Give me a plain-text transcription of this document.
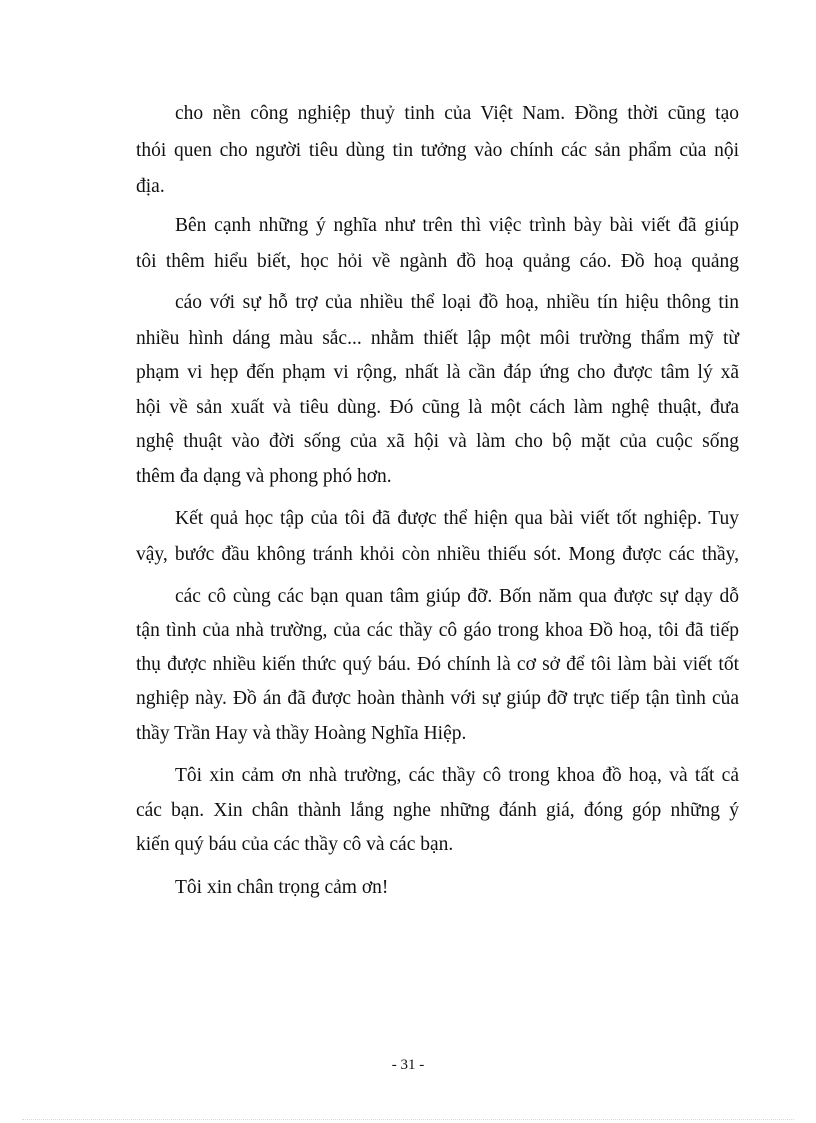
cho nền công nghiệp thuỷ tinh của Việt Nam. Đồng thời cũng tạo
thói quen cho người tiêu dùng tin tưởng vào chính các sản phẩm của nội
địa.
Bên cạnh những ý nghĩa như trên thì việc trình bày bài viết đã giúp
tôi thêm hiểu biết, học hỏi về ngành đồ hoạ quảng cáo. Đồ hoạ quảng
cáo với sự hỗ trợ của nhiều thể loại đồ hoạ, nhiều tín hiệu thông tin
nhiều hình dáng màu sắc... nhằm thiết lập một môi trường thẩm mỹ từ
phạm vi hẹp đến phạm vi rộng, nhất là cần đáp ứng cho được tâm lý xã
hội về sản xuất và tiêu dùng. Đó cũng là một cách làm nghệ thuật, đưa
nghệ thuật vào đời sống của xã hội và làm cho bộ mặt của cuộc sống
thêm đa dạng và phong phó hơn.
Kết quả học tập của tôi đã được thể hiện qua bài viết tốt nghiệp. Tuy
vậy, bước đầu không tránh khỏi còn nhiều thiếu sót. Mong được các thầy,
các cô cùng các bạn quan tâm giúp đỡ. Bốn năm qua được sự dạy dỗ
tận tình của nhà trường, của các thầy cô gáo trong khoa Đồ hoạ, tôi đã tiếp
thụ được nhiều kiến thức quý báu. Đó chính là cơ sở để tôi làm bài viết tốt
nghiệp này. Đồ án đã được hoàn thành với sự giúp đỡ trực tiếp tận tình của
thầy Trần Hay và thầy Hoàng Nghĩa Hiệp.
Tôi xin cảm ơn nhà trường, các thầy cô trong khoa đồ hoạ, và tất cả
các bạn. Xin chân thành lắng nghe những đánh giá, đóng góp những ý
kiến quý báu của các thầy cô và các bạn.
Tôi xin chân trọng cảm ơn!
- 31 -
